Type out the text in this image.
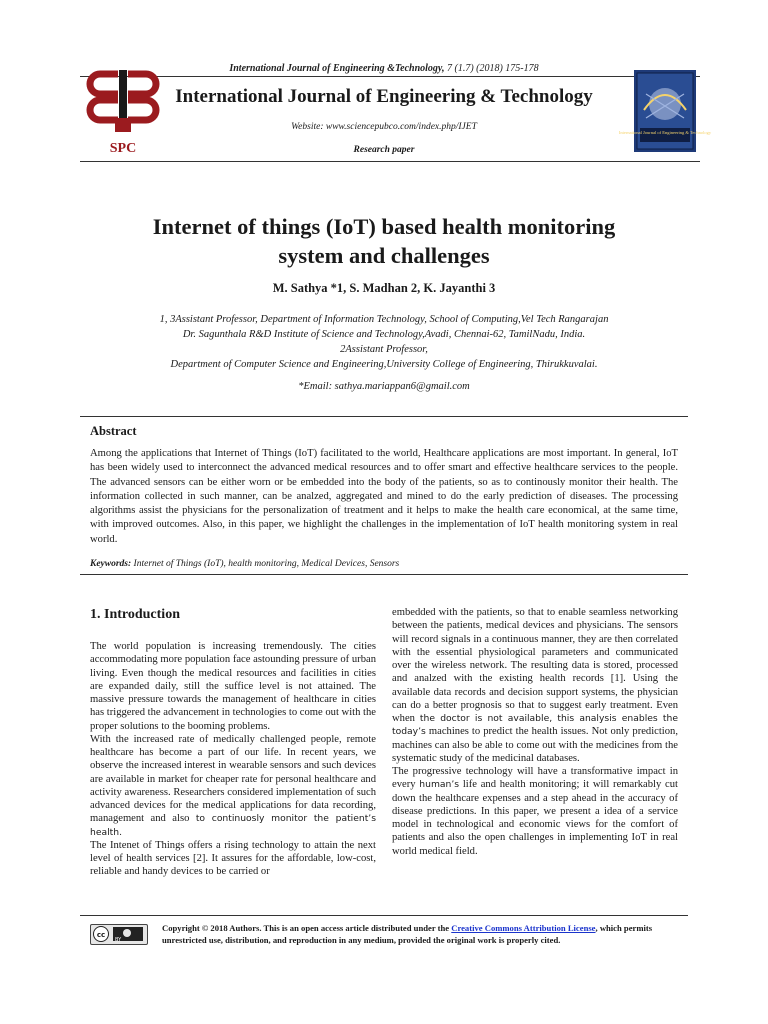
International Journal of Engineering &Technology, 7 (1.7) (2018) 175-178
SPC
International Journal of Engineering & Technology
Website: www.sciencepubco.com/index.php/IJET
Research paper
International Journal of Engineering & Technology
Internet of things (IoT) based health monitoring
system and challenges
M. Sathya *1, S. Madhan 2, K. Jayanthi 3
1, 3Assistant Professor, Department of Information Technology, School of Computing,Vel Tech Rangarajan
Dr. Sagunthala R&D Institute of Science and Technology,Avadi, Chennai-62, TamilNadu, India.
2Assistant Professor,
Department of Computer Science and Engineering,University College of Engineering, Thirukkuvalai.
*Email: sathya.mariappan6@gmail.com
Abstract
Among the applications that Internet of Things (IoT) facilitated to the world, Healthcare applications are most important. In general, IoT has been widely used to interconnect the advanced medical resources and to offer smart and effective healthcare services to the people. The advanced sensors can be either worn or be embedded into the body of the patients, so as to continously monitor their health. The information collected in such manner, can be analzed, aggregated and mined to do the early prediction of diseases. The processing algorithms assist the physicians for the personalization of treatment and it helps to make the health care economical, at the same time, with improved outcomes. Also, in this paper, we highlight the challenges in the implementation of IoT health monitoring system in real world.
Keywords: Internet of Things (IoT), health monitoring, Medical Devices, Sensors
1. Introduction

The world population is increasing tremendously. The cities accommodating more population face astounding pressure of urban living. Even though the medical resources and facilities in cities are expanded daily, still the suffice level is not attained. The massive pressure towards the management of healthcare in cities has triggered the advancement in technologies to come out with the proper solutions to the booming problems.

With the increased rate of medically challenged people, remote healthcare has become a part of our life. In recent years, we observe the increased interest in wearable sensors and such devices are available in market for cheaper rate for personal healthcare and activity awareness. Researchers considered implementation of such advanced devices for the medical applications for data recording, management and also to continuosly monitor the patient’s health.

The Intenet of Things offers a rising technology to attain the next level of health services [2]. It assures for the affordable, low-cost, reliable and handy devices to be carried or

embedded with the patients, so that to enable seamless networking between the patients, medical devices and physicians. The sensors will record signals in a continuous manner, they are then correlated with the essential physiological parameters and communicated over the wireless network. The resulting data is stored, processed and analzed with the existing health records [1]. Using the available data records and decision support systems, the physician can do a better prognosis so that to suggest early treatment. Even when the doctor is not available, this analysis enables the today’s machines to predict the health issues. Not only prediction, machines can also be able to come out with the medicines from the systematic study of the medicinal databases.

The progressive technology will have a transformative impact in every human’s life and health monitoring; it will remarkably cut down the healthcare expenses and a step ahead in the accuracy of disease predictions. In this paper, we present a idea of a service model in technological and economic views for the comfort of patients and also the open challenges in implementing IoT in real world medical field.

cc
BY
Copyright © 2018 Authors. This is an open access article distributed under the Creative Commons Attribution License, which permits unrestricted use, distribution, and reproduction in any medium, provided the original work is properly cited.
